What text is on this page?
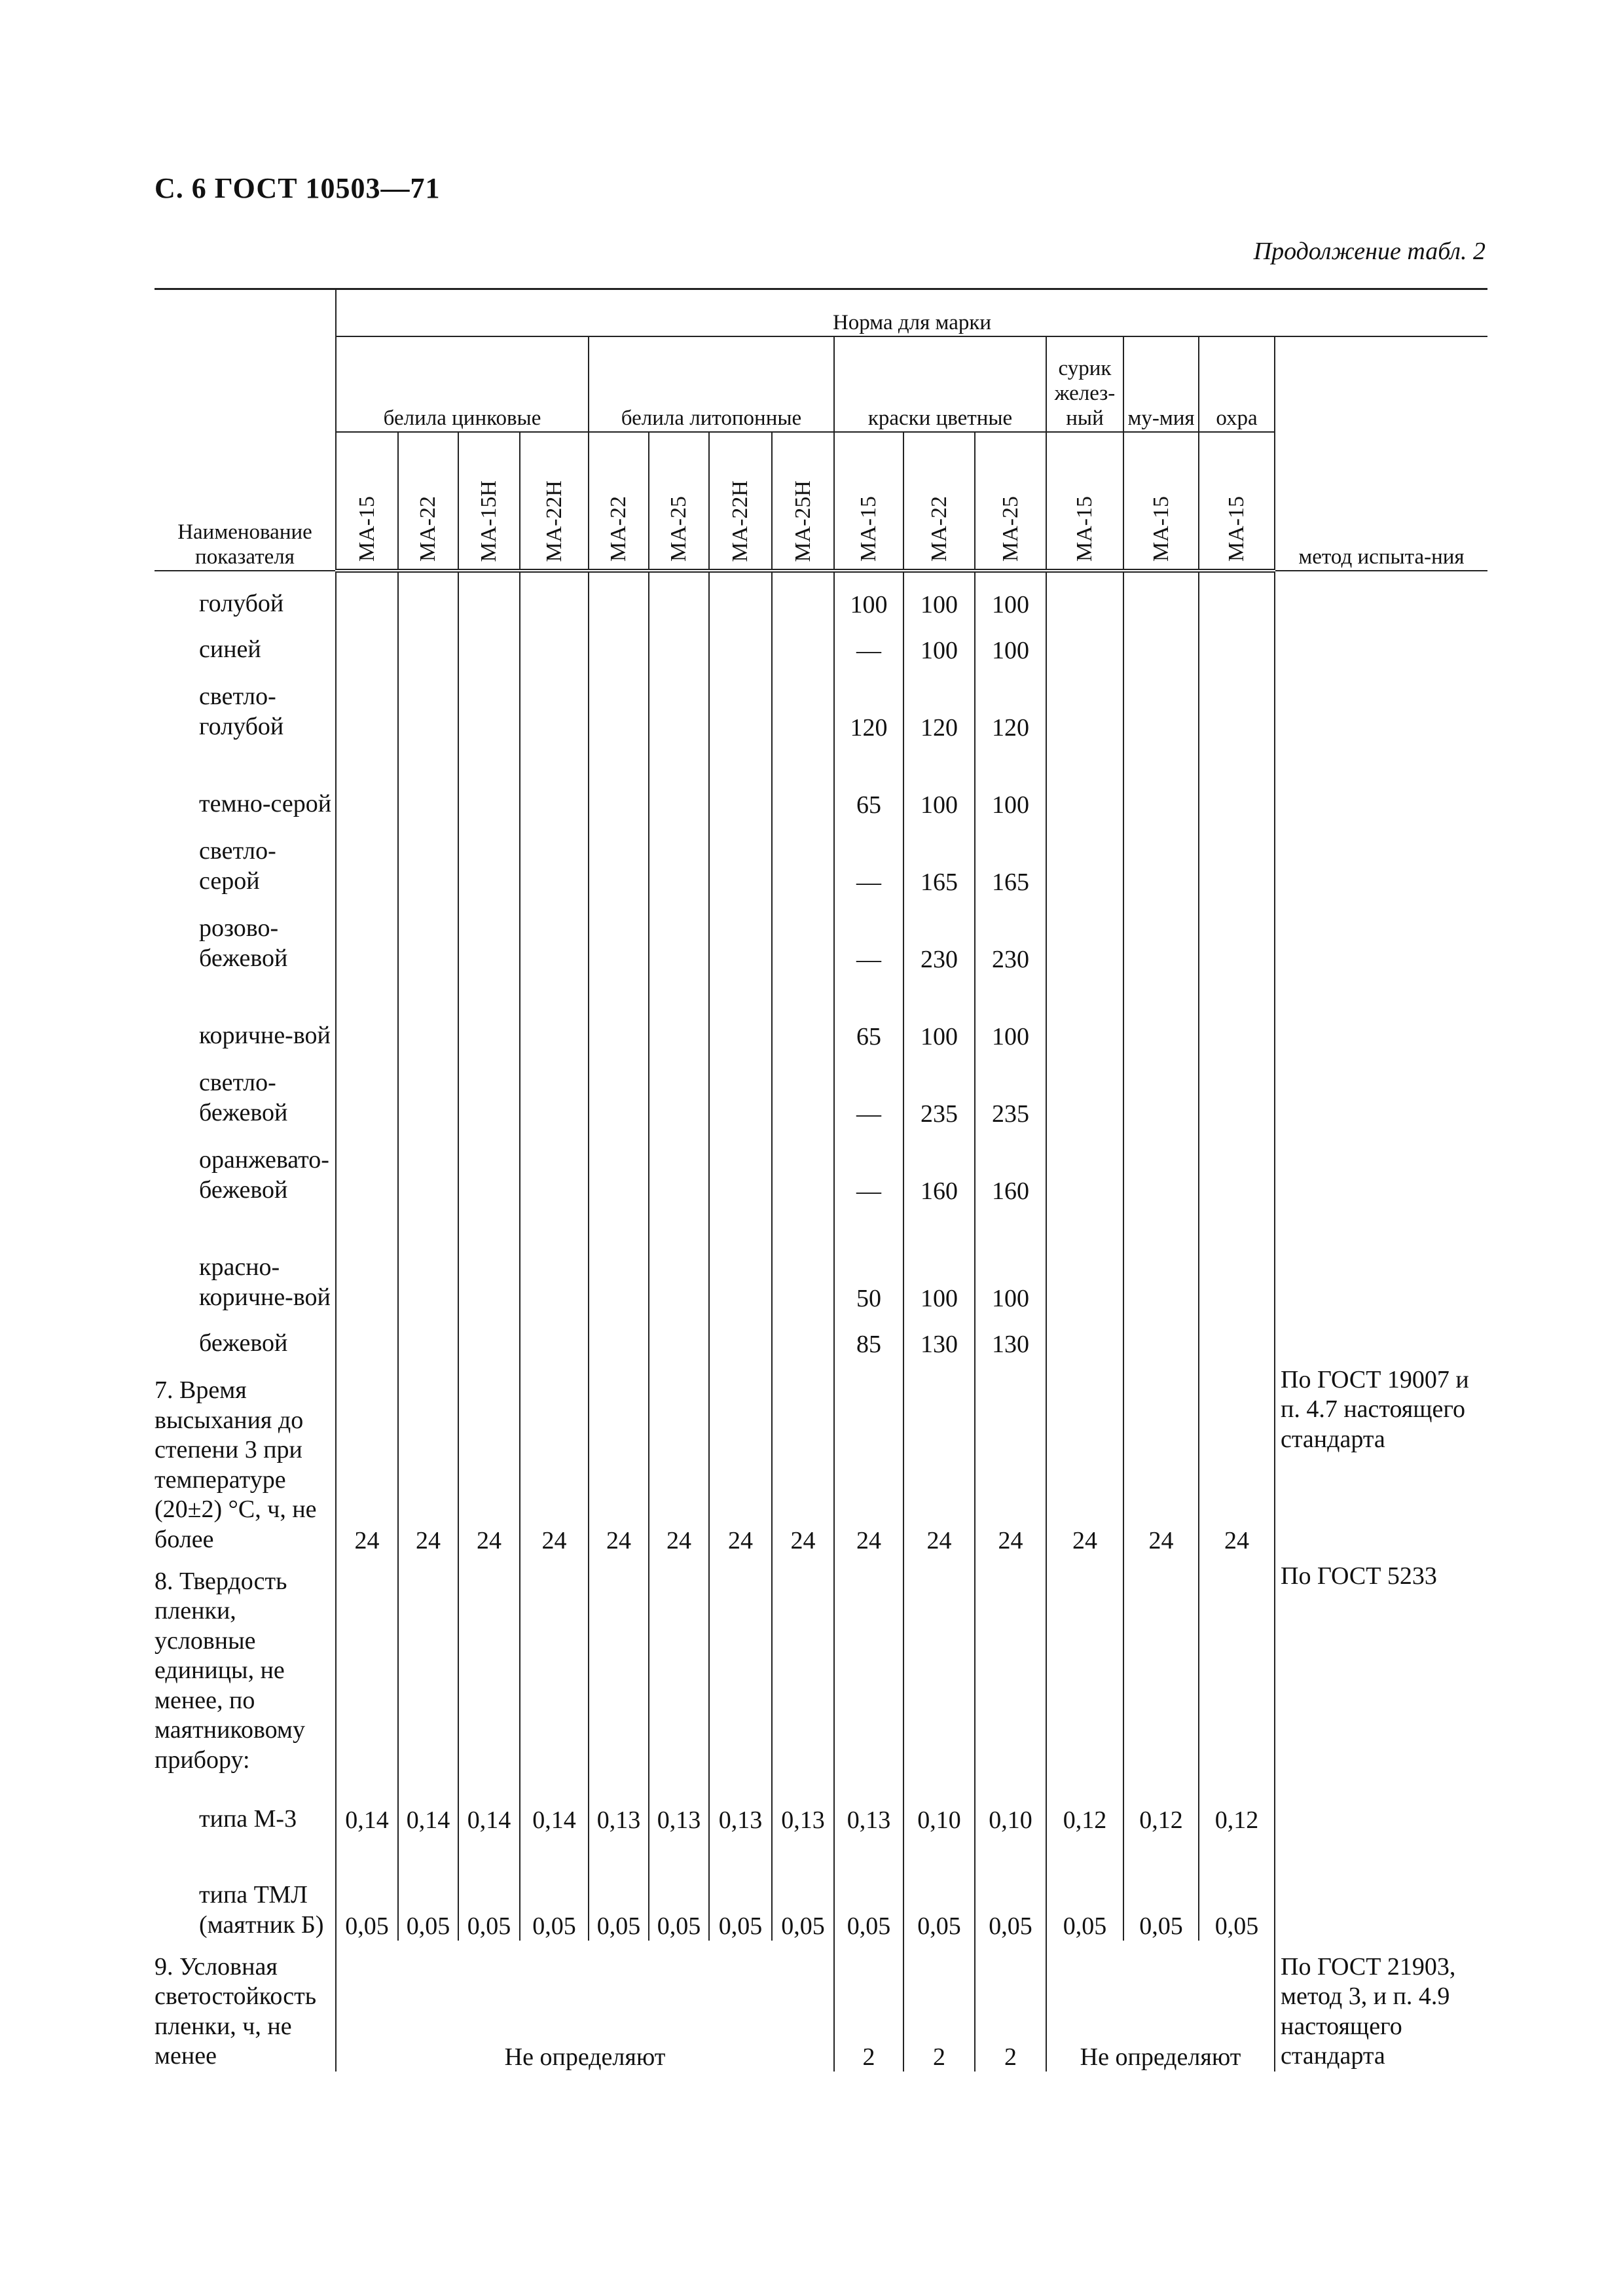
С. 6 ГОСТ 10503—71
Продолжение табл. 2
Наименование показателя	Норма для марки														
	белила цинковые				белила литопонные				краски цветные			сурик желез-ный	му-мия	охра	метод испыта-ния
	МА-15	МА-22	МА-15Н	МА-22Н	МА-22	МА-25	МА-22Н	МА-25Н	МА-15	МА-22	МА-25	МА-15	МА-15	МА-15	
голубой									100	100	100				
синей									—	100	100				
светло-голубой									120	120	120				
темно-серой									65	100	100				
светло-серой									—	165	165				
розово-бежевой									—	230	230				
коричне-вой									65	100	100				
светло-бежевой									—	235	235				
оранжевато-бежевой									—	160	160				
красно-коричне-вой									50	100	100				
бежевой									85	130	130				
7. Время высыхания до степени 3 при температуре (20±2) °С, ч, не более	24	24	24	24	24	24	24	24	24	24	24	24	24	24	По ГОСТ 19007 и п. 4.7 настоящего стандарта
8. Твердость пленки, условные единицы, не менее, по маятниковому прибору:															По ГОСТ 5233
типа М-3	0,14	0,14	0,14	0,14	0,13	0,13	0,13	0,13	0,13	0,10	0,10	0,12	0,12	0,12	
типа ТМЛ (маятник Б)	0,05	0,05	0,05	0,05	0,05	0,05	0,05	0,05	0,05	0,05	0,05	0,05	0,05	0,05	
9. Условная светостойкость пленки, ч, не менее	Не определяют								2	2	2	Не определяют			По ГОСТ 21903, метод 3, и п. 4.9 настоящего стандарта
